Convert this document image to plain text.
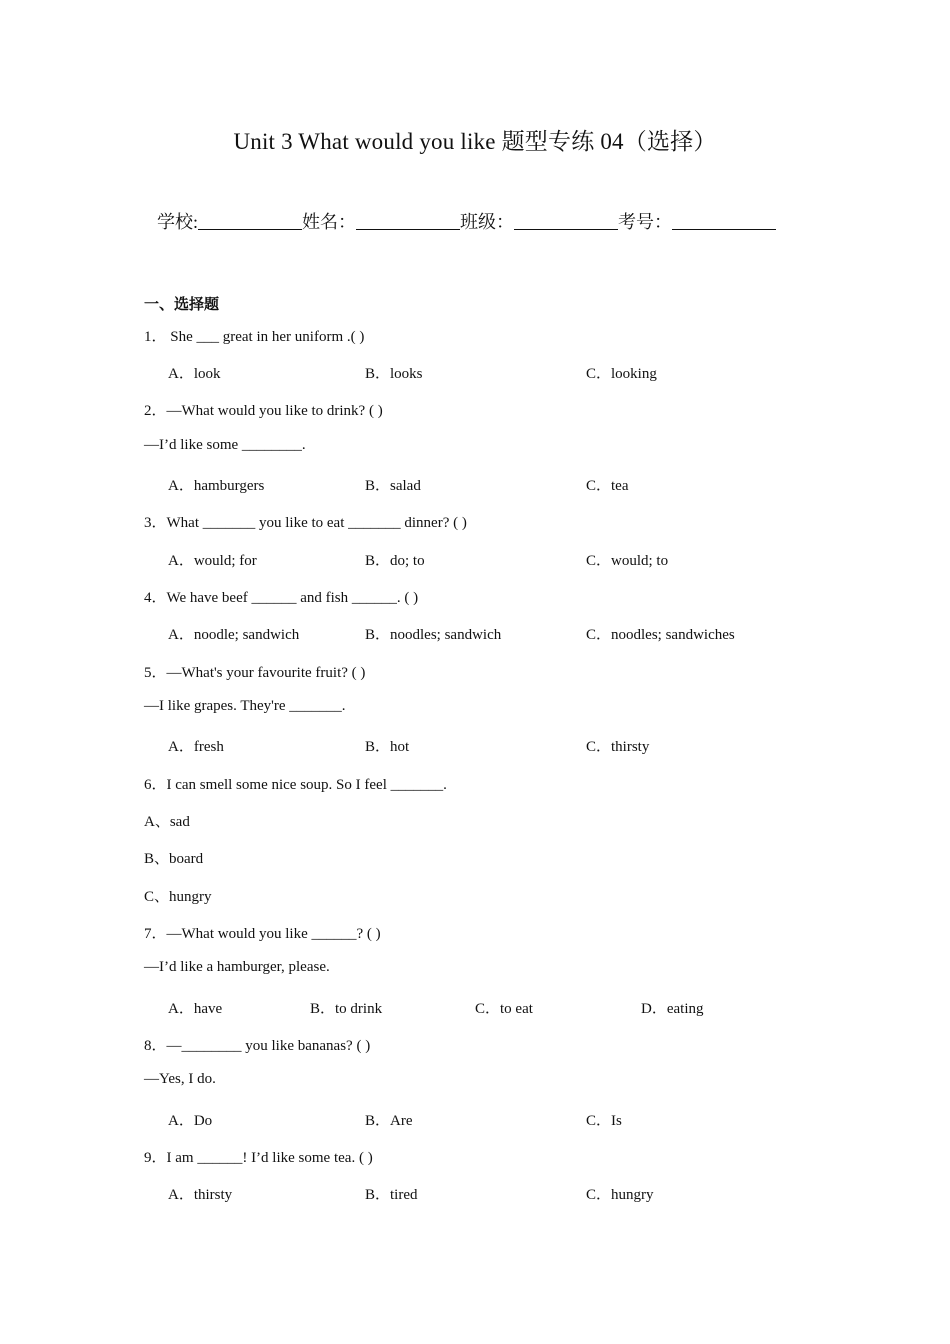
Unit 3 What would you like 题型专练 04（选择）
学校:	姓名：	班级：	考号：
一、选择题
1． She ___ great in her uniform .( )
A．look	B．looks	C．looking
2．—What would you like to drink? ( )
—I’d like some ________.
A．hamburgers	B．salad	C．tea
3．What _______ you like to eat _______ dinner? ( )
A．would; for	B．do; to	C．would; to
4．We have beef ______ and fish ______. ( )
A．noodle; sandwich	B．noodles; sandwich	C．noodles; sandwiches
5．—What's your favourite fruit? ( )
—I like grapes. They're _______.
A．fresh	B．hot	C．thirsty
6．I can smell some nice soup. So I feel _______.
A、sad
B、board
C、hungry
7．—What would you like ______? ( )
—I’d like a hamburger, please.
A．have	B．to drink	C．to eat	D．eating
8．—________ you like bananas? ( )
—Yes, I do.
A．Do	B．Are	C．Is
9．I am ______! I’d like some tea. ( )
A．thirsty	B．tired	C．hungry
